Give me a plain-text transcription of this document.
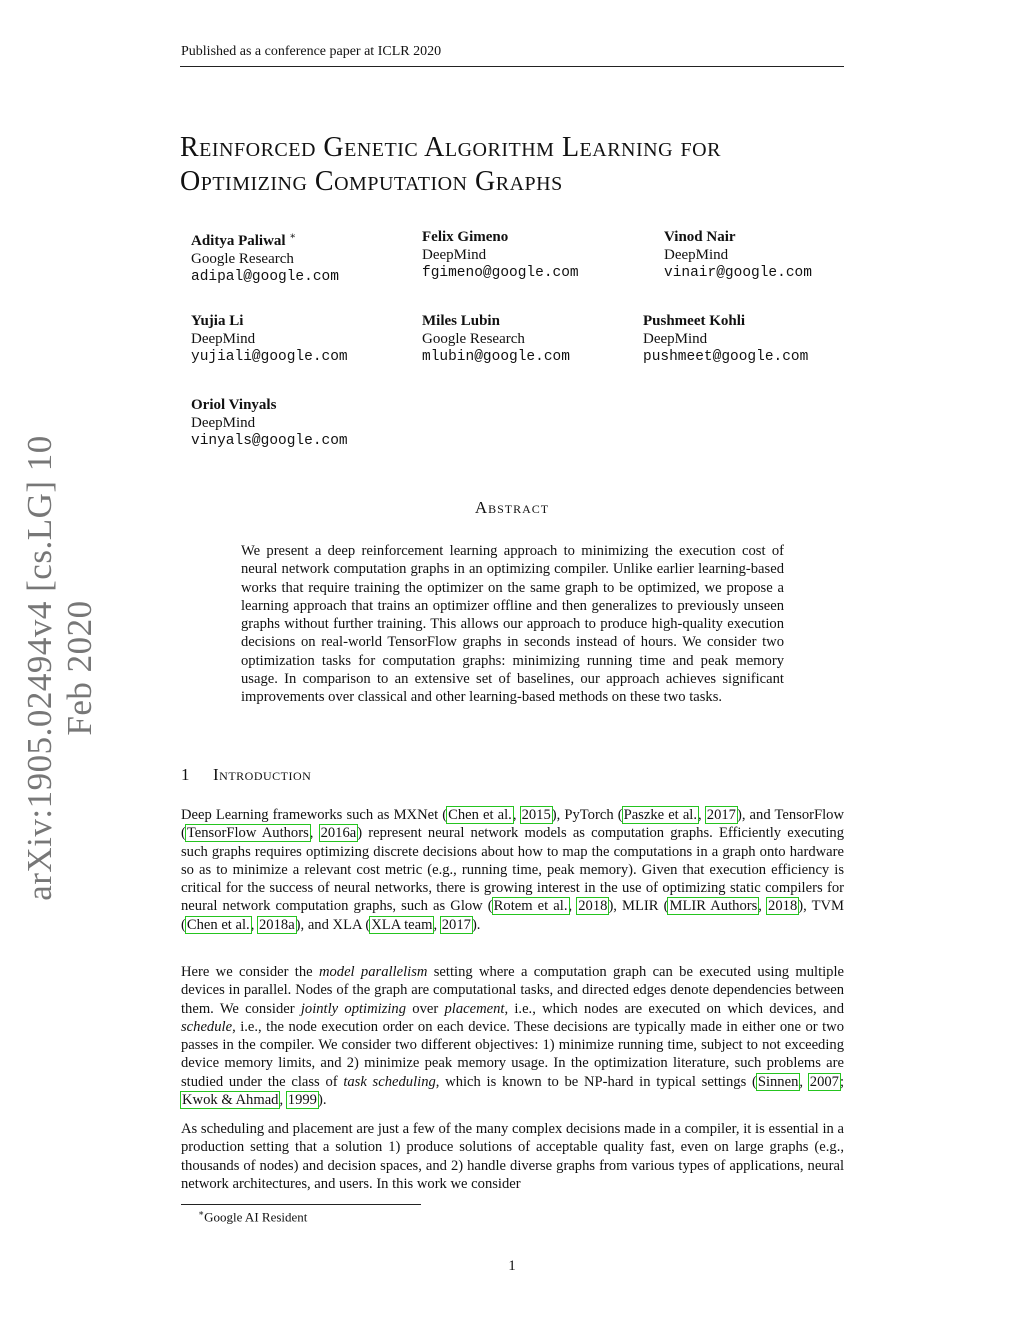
Published as a conference paper at ICLR 2020
arXiv:1905.02494v4 [cs.LG] 10 Feb 2020
Reinforced Genetic Algorithm Learning for
Optimizing Computation Graphs
Aditya Paliwal ∗
Google Research
adipal@google.com
Felix Gimeno
DeepMind
fgimeno@google.com
Vinod Nair
DeepMind
vinair@google.com
Yujia Li
DeepMind
yujiali@google.com
Miles Lubin
Google Research
mlubin@google.com
Pushmeet Kohli
DeepMind
pushmeet@google.com
Oriol Vinyals
DeepMind
vinyals@google.com
Abstract
We present a deep reinforcement learning approach to minimizing the execution cost of neural network computation graphs in an optimizing compiler. Unlike earlier learning-based works that require training the optimizer on the same graph to be optimized, we propose a learning approach that trains an optimizer offline and then generalizes to previously unseen graphs without further training. This allows our approach to produce high-quality execution decisions on real-world TensorFlow graphs in seconds instead of hours. We consider two optimization tasks for computation graphs: minimizing running time and peak memory usage. In comparison to an extensive set of baselines, our approach achieves significant improvements over classical and other learning-based methods on these two tasks.
1 Introduction
Deep Learning frameworks such as MXNet (Chen et al., 2015), PyTorch (Paszke et al., 2017), and TensorFlow (TensorFlow Authors, 2016a) represent neural network models as computation graphs. Efficiently executing such graphs requires optimizing discrete decisions about how to map the computations in a graph onto hardware so as to minimize a relevant cost metric (e.g., running time, peak memory). Given that execution efficiency is critical for the success of neural networks, there is growing interest in the use of optimizing static compilers for neural network computation graphs, such as Glow (Rotem et al., 2018), MLIR (MLIR Authors, 2018), TVM (Chen et al., 2018a), and XLA (XLA team, 2017).
Here we consider the model parallelism setting where a computation graph can be executed using multiple devices in parallel. Nodes of the graph are computational tasks, and directed edges denote dependencies between them. We consider jointly optimizing over placement, i.e., which nodes are executed on which devices, and schedule, i.e., the node execution order on each device. These decisions are typically made in either one or two passes in the compiler. We consider two different objectives: 1) minimize running time, subject to not exceeding device memory limits, and 2) minimize peak memory usage. In the optimization literature, such problems are studied under the class of task scheduling, which is known to be NP-hard in typical settings (Sinnen, 2007; Kwok & Ahmad, 1999).
As scheduling and placement are just a few of the many complex decisions made in a compiler, it is essential in a production setting that a solution 1) produce solutions of acceptable quality fast, even on large graphs (e.g., thousands of nodes) and decision spaces, and 2) handle diverse graphs from various types of applications, neural network architectures, and users. In this work we consider
∗Google AI Resident
1
